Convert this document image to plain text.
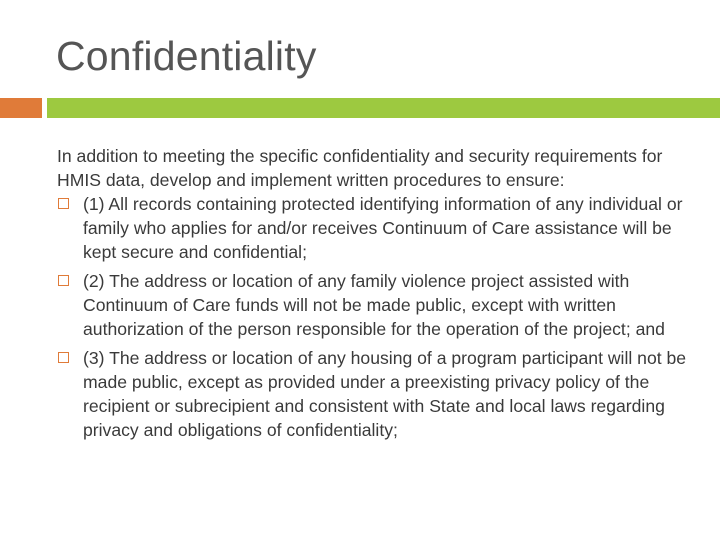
Confidentiality

In addition to meeting the specific confidentiality and security requirements for HMIS data, develop and implement written procedures to ensure:

(1) All records containing protected identifying information of any individual or family who applies for and/or receives Continuum of Care assistance will be kept secure and confidential;
(2) The address or location of any family violence project assisted with Continuum of Care funds will not be made public, except with written authorization of the person responsible for the operation of the project; and
(3) The address or location of any housing of a program participant will not be made public, except as provided under a preexisting privacy policy of the recipient or subrecipient and consistent with State and local laws regarding privacy and obligations of confidentiality;
